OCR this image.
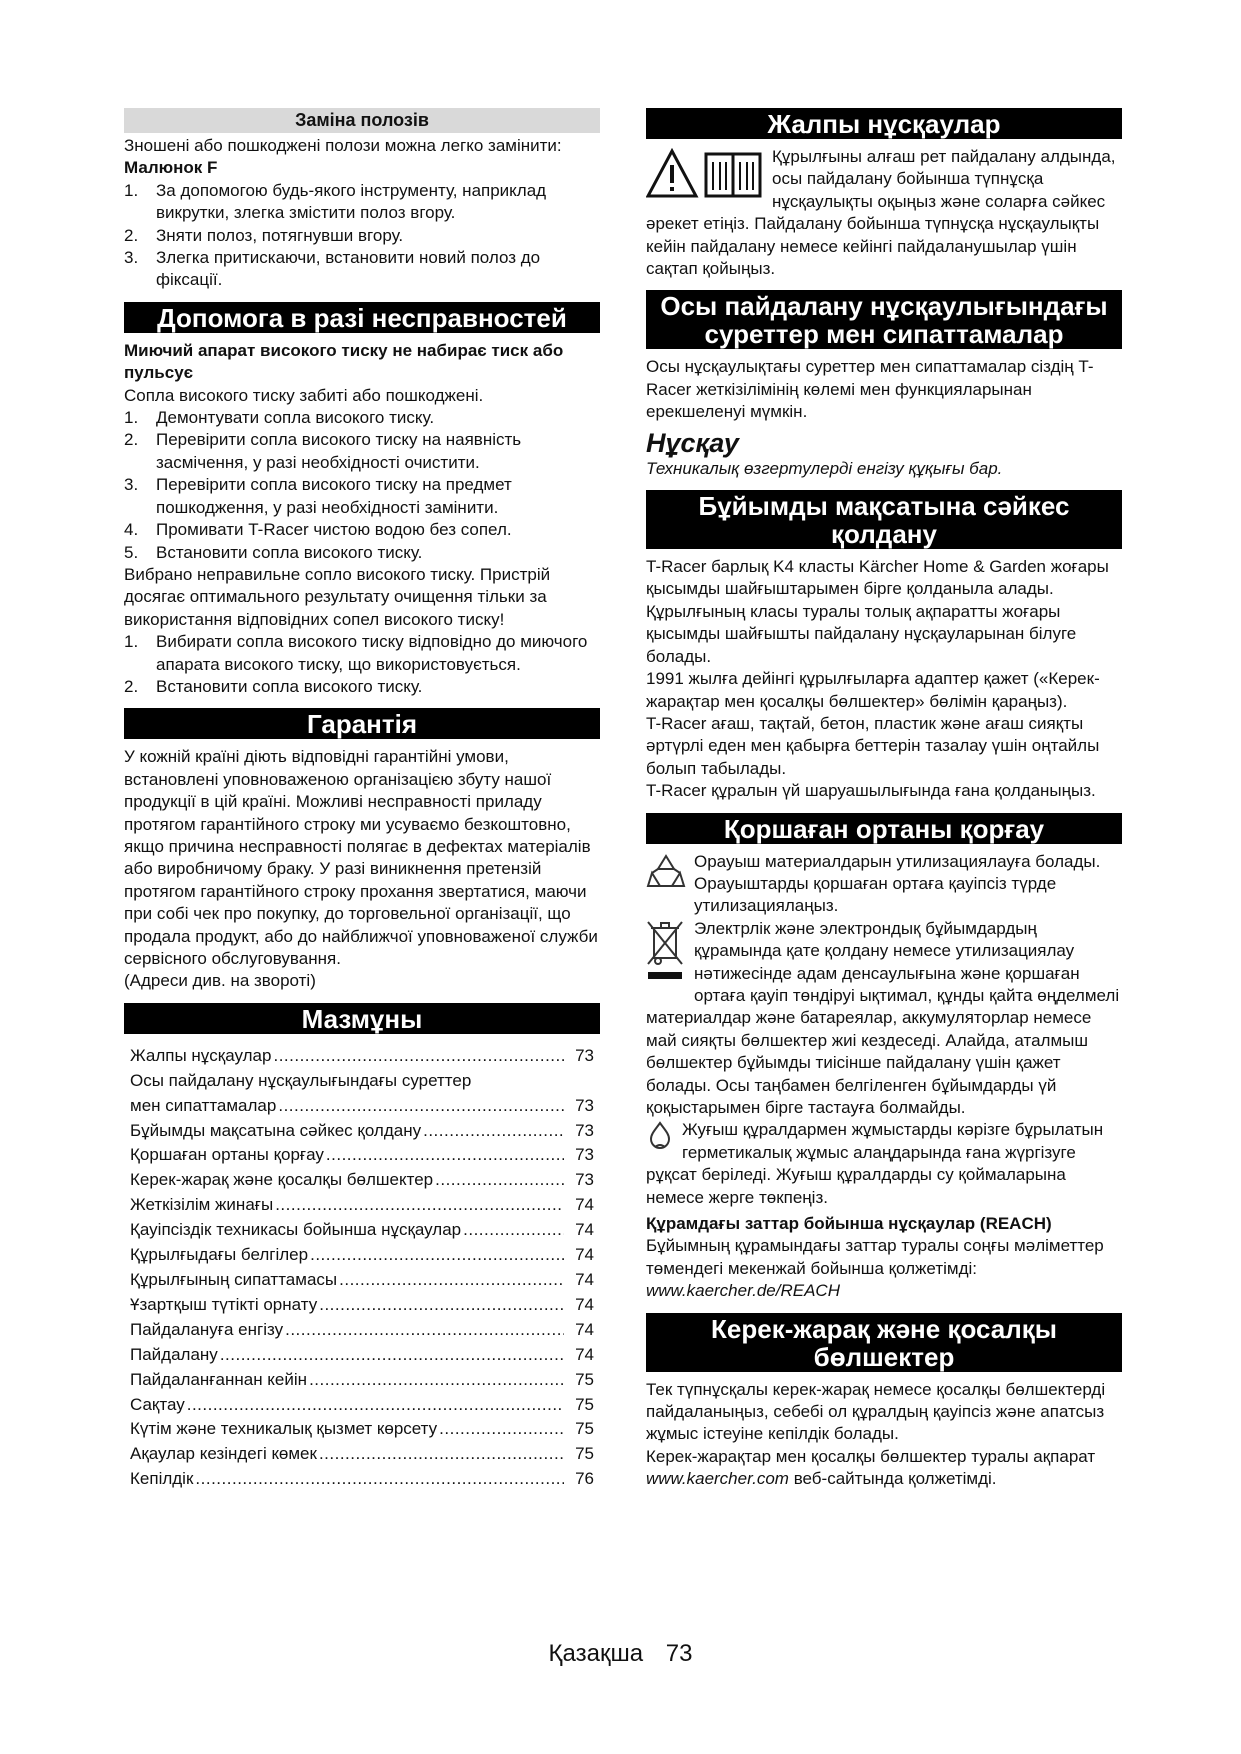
Заміна полозів

Зношені або пошкоджені полози можна легко замінити:

Малюнок F

1. За допомогою будь-якого інструменту, наприклад викрутки, злегка змістити полоз вгору.
2. Зняти полоз, потягнувши вгору.
3. Злегка притискаючи, встановити новий полоз до фіксації.
Допомога в разі несправностей

Миючий апарат високого тиску не набирає тиск або пульсує

Сопла високого тиску забиті або пошкоджені.

1. Демонтувати сопла високого тиску.
2. Перевірити сопла високого тиску на наявність засмічення, у разі необхідності очистити.
3. Перевірити сопла високого тиску на предмет пошкодження, у разі необхідності замінити.
4. Промивати T-Racer чистою водою без сопел.
5. Встановити сопла високого тиску.

Вибрано неправильне сопло високого тиску. Пристрій досягає оптимального результату очищення тільки за використання відповідних сопел високого тиску!

1. Вибирати сопла високого тиску відповідно до миючого апарата високого тиску, що використовується.
2. Встановити сопла високого тиску.
Гарантія

У кожній країні діють відповідні гарантійні умови, встановлені уповноваженою організацією збуту нашої продукції в цій країні. Можливі несправності приладу протягом гарантійного строку ми усуваємо безкоштовно, якщо причина несправності полягає в дефектах матеріалів або виробничому браку. У разі виникнення претензій протягом гарантійного строку прохання звертатися, маючи при собі чек про покупку, до торговельної організації, що продала продукт, або до найближчої уповноваженої служби сервісного обслуговування.

(Адреси див. на звороті)

Мазмұны
Жалпы нұсқаулар .....	73
Осы пайдалану нұсқаулығындағы суреттер
мен сипаттамалар .....	73
Бұйымды мақсатына сәйкес қолдану .....	73
Қоршаған ортаны қорғау .....	73
Керек-жарақ және қосалқы бөлшектер .....	73
Жеткізілім жинағы .....	74
Қауіпсіздік техникасы бойынша нұсқаулар .....	74
Құрылғыдағы белгілер .....	74
Құрылғының сипаттамасы .....	74
Ұзартқыш түтікті орнату .....	74
Пайдалануға енгізу .....	74
Пайдалану .....	74
Пайдаланғаннан кейін .....	75
Сақтау .....	75
Күтім және техникалық қызмет көрсету .....	75
Ақаулар кезіндегі көмек .....	75
Кепілдік .....	76
Жалпы нұсқаулар

Құрылғыны алғаш рет пайдалану алдында, осы пайдалану бойынша түпнұсқа нұсқаулықты оқыңыз және соларға сәйкес әрекет етіңіз. Пайдалану бойынша түпнұсқа нұсқаулықты кейін пайдалану немесе кейінгі пайдаланушылар үшін сақтап қойыңыз.

Осы пайдалану нұсқаулығындағы суреттер мен сипаттамалар

Осы нұсқаулықтағы суреттер мен сипаттамалар сіздің T-Racer жеткізілімінің көлемі мен функцияларынан ерекшеленуі мүмкін.

Нұсқау

Техникалық өзгертулерді енгізу құқығы бар.

Бұйымды мақсатына сәйкес қолдану

T-Racer барлық K4 класты Kärcher Home & Garden жоғары қысымды шайғыштарымен бірге қолданыла алады.

Құрылғының класы туралы толық ақпаратты жоғары қысымды шайғышты пайдалану нұсқауларынан білуге болады.

1991 жылға дейінгі құрылғыларға адаптер қажет («Керек-жарақтар мен қосалқы бөлшектер» бөлімін қараңыз).

T-Racer ағаш, тақтай, бетон, пластик және ағаш сияқты әртүрлі еден мен қабырға беттерін тазалау үшін оңтайлы болып табылады.

T-Racer құралын үй шаруашылығында ғана қолданыңыз.

Қоршаған ортаны қорғау

Орауыш материалдарын утилизациялауға болады. Орауыштарды қоршаған ортаға қауіпсіз түрде утилизациялаңыз.

Электрлік және электрондық бұйымдардың құрамында қате қолдану немесе утилизациялау нәтижесінде адам денсаулығына және қоршаған ортаға қауіп төндіруі ықтимал, құнды қайта өңделмелі материалдар және батареялар, аккумуляторлар немесе май сияқты бөлшектер жиі кездеседі. Алайда, аталмыш бөлшектер бұйымды тиісінше пайдалану үшін қажет болады. Осы таңбамен белгіленген бұйымдарды үй қоқыстарымен бірге тастауға болмайды.

Жуғыш құралдармен жұмыстарды кәрізге бұрылатын герметикалық жұмыс алаңдарында ғана жүргізуге рұқсат беріледі. Жуғыш құралдарды су қоймаларына немесе жерге төкпеңіз.

Құрамдағы заттар бойынша нұсқаулар (REACH)

Бұйымның құрамындағы заттар туралы соңғы мәліметтер төмендегі мекенжай бойынша қолжетімді: www.kaercher.de/REACH

Керек-жарақ және қосалқы бөлшектер

Тек түпнұсқалы керек-жарақ немесе қосалқы бөлшектерді пайдаланыңыз, себебі ол құралдың қауіпсіз және апатсыз жұмыс істеуіне кепілдік болады.

Керек-жарақтар мен қосалқы бөлшектер туралы ақпарат www.kaercher.com веб-сайтында қолжетімді.

Қазақша 73
